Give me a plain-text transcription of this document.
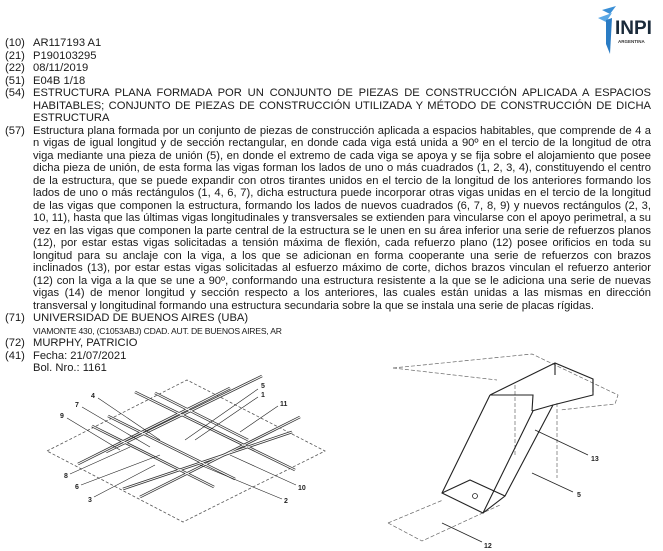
INPI
ARGENTINA
(10) AR117193 A1
(21) P190103295
(22) 08/11/2019
(51) E04B 1/18
(54) ESTRUCTURA PLANA FORMADA POR UN CONJUNTO DE PIEZAS DE CONSTRUCCIÓN APLICADA A ESPACIOS HABITABLES; CONJUNTO DE PIEZAS DE CONSTRUCCIÓN UTILIZADA Y MÉTODO DE CONSTRUCCIÓN DE DICHA ESTRUCTURA
(57) Estructura plana formada por un conjunto de piezas de construcción aplicada a espacios habitables, que comprende de 4 a n vigas de igual longitud y de sección rectangular, en donde cada viga está unida a 90º en el tercio de la longitud de otra viga mediante una pieza de unión (5), en donde el extremo de cada viga se apoya y se fija sobre el alojamiento que posee dicha pieza de unión, de esta forma las vigas forman los lados de uno o más cuadrados (1, 2, 3, 4), constituyendo el centro de la estructura, que se puede expandir con otros tirantes unidos en el tercio de la longitud de los anteriores formando los lados de uno o más rectángulos (1, 4, 6, 7), dicha estructura puede incorporar otras vigas unidas en el tercio de la longitud de las vigas que componen la estructura, formando los lados de nuevos cuadrados (6, 7, 8, 9) y nuevos rectángulos (2, 3, 10, 11), hasta que las últimas vigas longitudinales y transversales se extienden para vincularse con el apoyo perimetral, a su vez en las vigas que componen la parte central de la estructura se le unen en su área inferior una serie de refuerzos planos (12), por estar estas vigas solicitadas a tensión máxima de flexión, cada refuerzo plano (12) posee orificios en toda su longitud para su anclaje con la viga, a los que se adicionan en forma cooperante una serie de refuerzos con brazos inclinados (13), por estar estas vigas solicitadas al esfuerzo máximo de corte, dichos brazos vinculan el refuerzo anterior (12) con la viga a la que se une a 90º, conformando una estructura resistente a la que se le adiciona una serie de nuevas vigas (14) de menor longitud y sección respecto a los anteriores, las cuales están unidas a las mismas en dirección transversal y longitudinal formando una estructura secundaria sobre la que se instala una serie de placas rígidas.
(71) UNIVERSIDAD DE BUENOS AIRES (UBA)
VIAMONTE 430, (C1053ABJ) CDAD. AUT. DE BUENOS AIRES, AR
(72) MURPHY, PATRICIO
(41) Fecha: 21/07/2021
Bol. Nro.: 1161
5
1
4
7	11
9
8
6
3
10
2
13
5
12
